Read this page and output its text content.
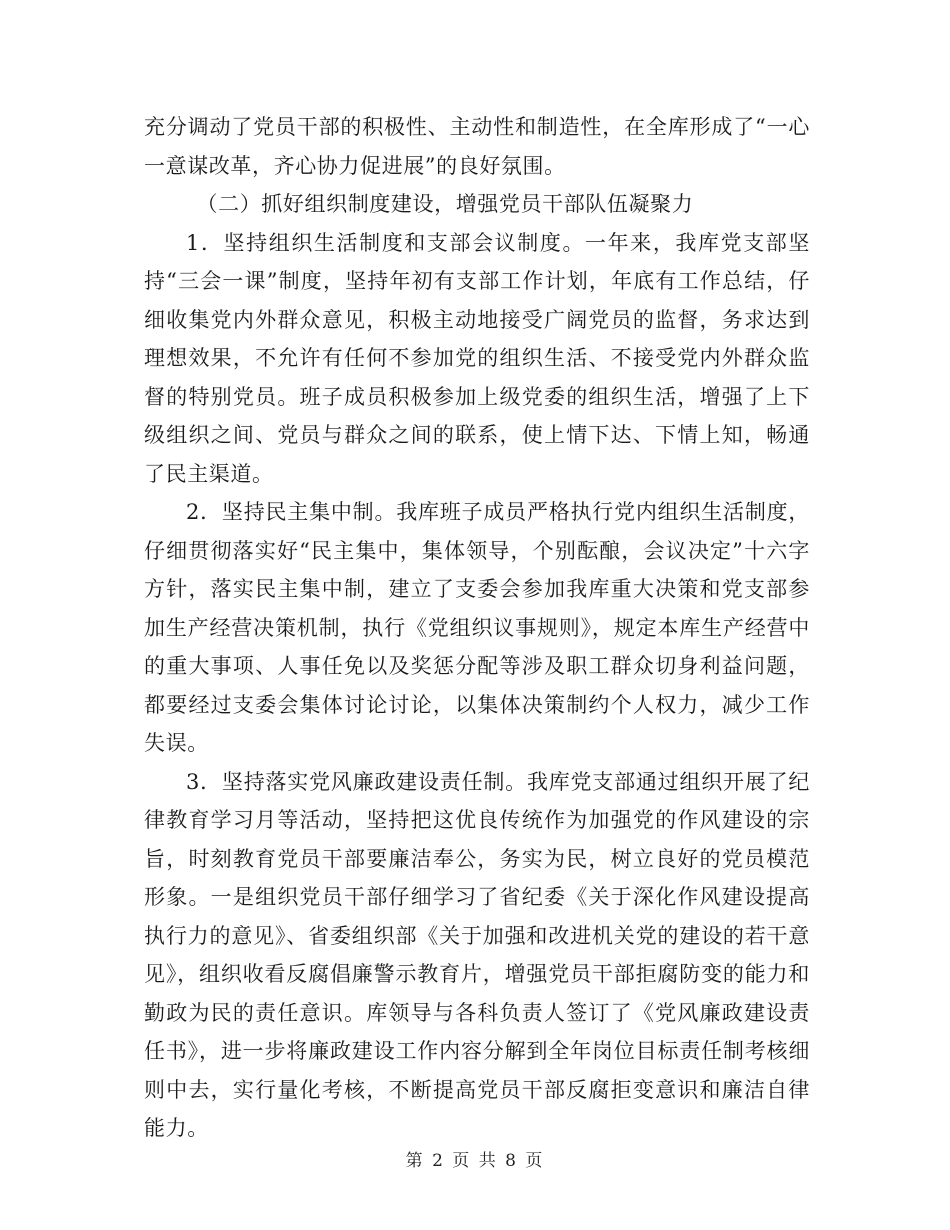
充分调动了党员干部的积极性、主动性和制造性，在全库形成了“一心一意谋改革，齐心协力促进展”的良好氛围。

（二）抓好组织制度建设，增强党员干部队伍凝聚力

1．坚持组织生活制度和支部会议制度。一年来，我库党支部坚持“三会一课”制度，坚持年初有支部工作计划，年底有工作总结，仔细收集党内外群众意见，积极主动地接受广阔党员的监督，务求达到理想效果，不允许有任何不参加党的组织生活、不接受党内外群众监督的特别党员。班子成员积极参加上级党委的组织生活，增强了上下级组织之间、党员与群众之间的联系，使上情下达、下情上知，畅通了民主渠道。

2．坚持民主集中制。我库班子成员严格执行党内组织生活制度，仔细贯彻落实好“民主集中，集体领导，个别酝酿，会议决定”十六字方针，落实民主集中制，建立了支委会参加我库重大决策和党支部参加生产经营决策机制，执行《党组织议事规则》，规定本库生产经营中的重大事项、人事任免以及奖惩分配等涉及职工群众切身利益问题，都要经过支委会集体讨论讨论，以集体决策制约个人权力，减少工作失误。

3．坚持落实党风廉政建设责任制。我库党支部通过组织开展了纪律教育学习月等活动，坚持把这优良传统作为加强党的作风建设的宗旨，时刻教育党员干部要廉洁奉公，务实为民，树立良好的党员模范形象。一是组织党员干部仔细学习了省纪委《关于深化作风建设提高执行力的意见》、省委组织部《关于加强和改进机关党的建设的若干意见》，组织收看反腐倡廉警示教育片，增强党员干部拒腐防变的能力和勤政为民的责任意识。库领导与各科负责人签订了《党风廉政建设责任书》，进一步将廉政建设工作内容分解到全年岗位目标责任制考核细则中去，实行量化考核，不断提高党员干部反腐拒变意识和廉洁自律能力。

第 2 页 共 8 页
